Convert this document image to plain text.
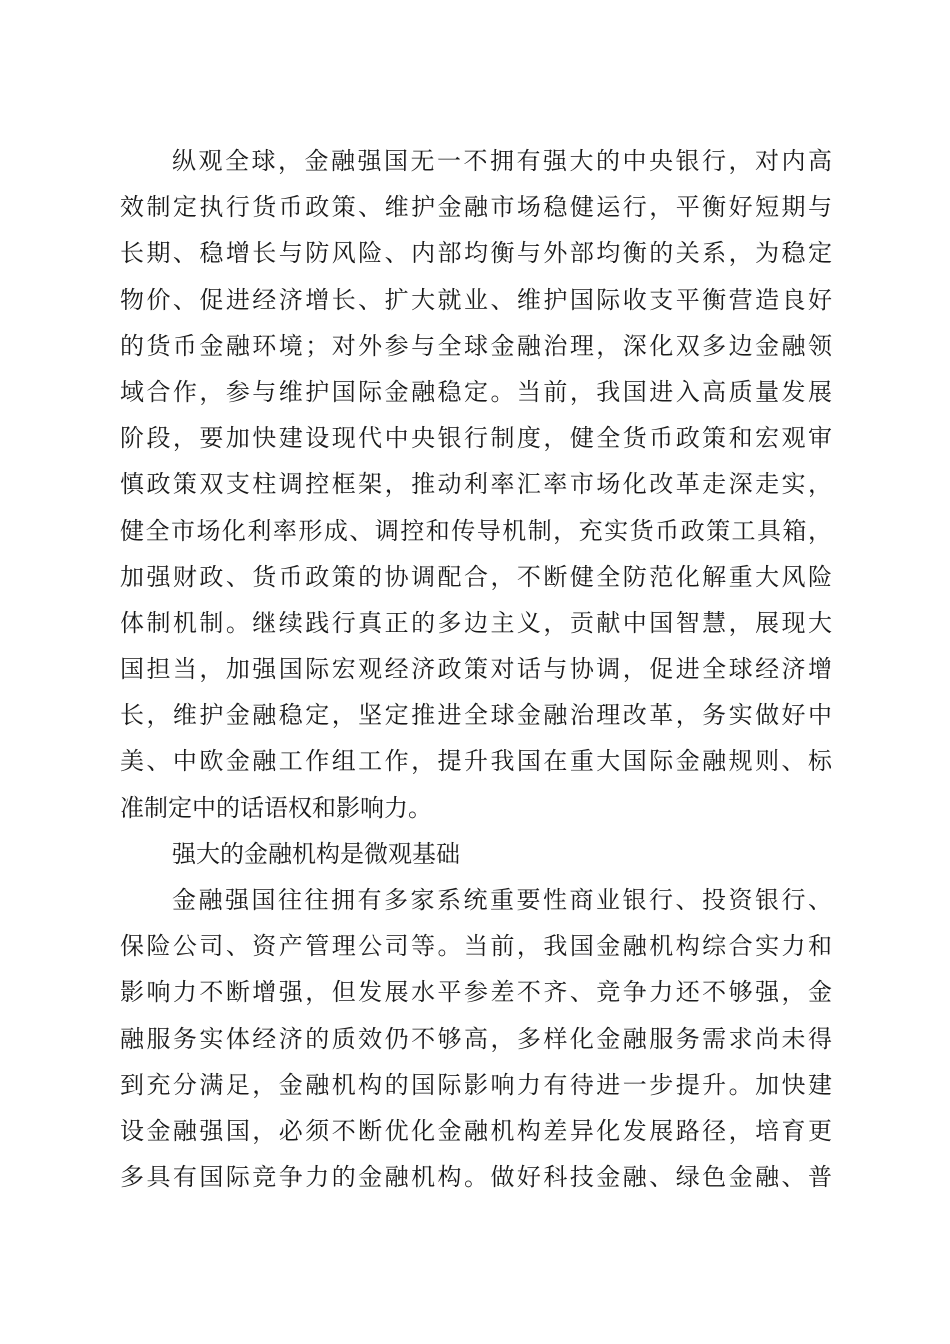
纵观全球，金融强国无一不拥有强大的中央银行，对内高
效制定执行货币政策、维护金融市场稳健运行，平衡好短期与
长期、稳增长与防风险、内部均衡与外部均衡的关系，为稳定
物价、促进经济增长、扩大就业、维护国际收支平衡营造良好
的货币金融环境；对外参与全球金融治理，深化双多边金融领
域合作，参与维护国际金融稳定。当前，我国进入高质量发展
阶段，要加快建设现代中央银行制度，健全货币政策和宏观审
慎政策双支柱调控框架，推动利率汇率市场化改革走深走实，
健全市场化利率形成、调控和传导机制，充实货币政策工具箱，
加强财政、货币政策的协调配合，不断健全防范化解重大风险
体制机制。继续践行真正的多边主义，贡献中国智慧，展现大
国担当，加强国际宏观经济政策对话与协调，促进全球经济增
长，维护金融稳定，坚定推进全球金融治理改革，务实做好中
美、中欧金融工作组工作，提升我国在重大国际金融规则、标
准制定中的话语权和影响力。
强大的金融机构是微观基础
金融强国往往拥有多家系统重要性商业银行、投资银行、
保险公司、资产管理公司等。当前，我国金融机构综合实力和
影响力不断增强，但发展水平参差不齐、竞争力还不够强，金
融服务实体经济的质效仍不够高，多样化金融服务需求尚未得
到充分满足，金融机构的国际影响力有待进一步提升。加快建
设金融强国，必须不断优化金融机构差异化发展路径，培育更
多具有国际竞争力的金融机构。做好科技金融、绿色金融、普
